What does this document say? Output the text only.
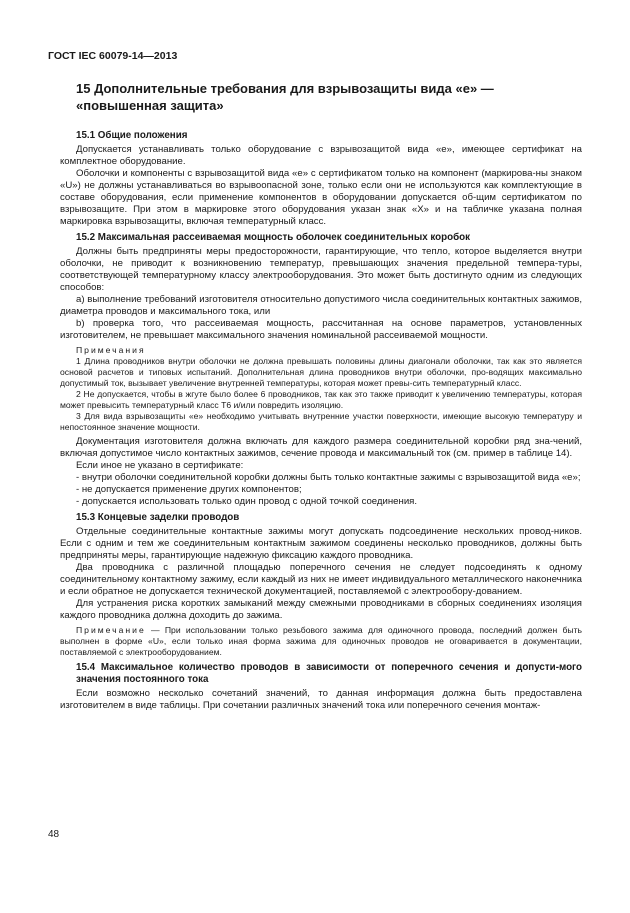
ГОСТ IEC 60079-14—2013
15 Дополнительные требования для взрывозащиты вида «е» — «повышенная защита»
15.1 Общие положения

Допускается устанавливать только оборудование с взрывозащитой вида «е», имеющее сертификат на комплектное оборудование.

Оболочки и компоненты с взрывозащитой вида «е» с сертификатом только на компонент (маркирова-ны знаком «U») не должны устанавливаться во взрывоопасной зоне, только если они не используются как комплектующие в составе оборудования, если применение компонентов в оборудовании допускается об-щим сертификатом по взрывозащите. При этом в маркировке этого оборудования указан знак «X» и на табличке указана полная маркировка взрывозащиты, включая температурный класс.

15.2 Максимальная рассеиваемая мощность оболочек соединительных коробок

Должны быть предприняты меры предосторожности, гарантирующие, что тепло, которое выделяется внутри оболочки, не приводит к возникновению температур, превышающих значения предельной темпера-туры, соответствующей температурному классу электрооборудования. Это может быть достигнуто одним из следующих способов:

а) выполнение требований изготовителя относительно допустимого числа соединительных контактных зажимов, диаметра проводов и максимального тока, или

b) проверка того, что рассеиваемая мощность, рассчитанная на основе параметров, установленных изготовителем, не превышает максимального значения номинальной рассеиваемой мощности.

Примечания

1 Длина проводников внутри оболочки не должна превышать половины длины диагонали оболочки, так как это является основой расчетов и типовых испытаний. Дополнительная длина проводников внутри оболочки, про-водящих максимально допустимый ток, вызывает увеличение внутренней температуры, которая может превы-сить температурный класс.

2 Не допускается, чтобы в жгуте было более 6 проводников, так как это также приводит к увеличению температуры, которая может превысить температурный класс Т6 и/или повредить изоляцию.

3 Для вида взрывозащиты «е» необходимо учитывать внутренние участки поверхности, имеющие высокую температуру и непостоянное значение мощности.

Документация изготовителя должна включать для каждого размера соединительной коробки ряд зна-чений, включая допустимое число контактных зажимов, сечение провода и максимальный ток (см. пример в таблице 14).

Если иное не указано в сертификате:

- внутри оболочки соединительной коробки должны быть только контактные зажимы с взрывозащитой вида «е»;

- не допускается применение других компонентов;

- допускается использовать только один провод с одной точкой соединения.

15.3 Концевые заделки проводов

Отдельные соединительные контактные зажимы могут допускать подсоединение нескольких провод-ников. Если с одним и тем же соединительным контактным зажимом соединены несколько проводников, должны быть предприняты меры, гарантирующие надежную фиксацию каждого проводника.

Два проводника с различной площадью поперечного сечения не следует подсоединять к одному соединительному контактному зажиму, если каждый из них не имеет индивидуального металлического наконечника и если обратное не допускается технической документацией, поставляемой с электрообору-дованием.

Для устранения риска коротких замыканий между смежными проводниками в сборных соединениях изоляция каждого проводника должна доходить до зажима.

Примечание — При использовании только резьбового зажима для одиночного провода, последний должен быть выполнен в форме «U», если только иная форма зажима для одиночных проводов не оговаривается в документации, поставляемой с электрооборудованием.

15.4 Максимальное количество проводов в зависимости от поперечного сечения и допусти-мого значения постоянного тока

Если возможно несколько сочетаний значений, то данная информация должна быть предоставлена изготовителем в виде таблицы. При сочетании различных значений тока или поперечного сечения монтаж-

48
